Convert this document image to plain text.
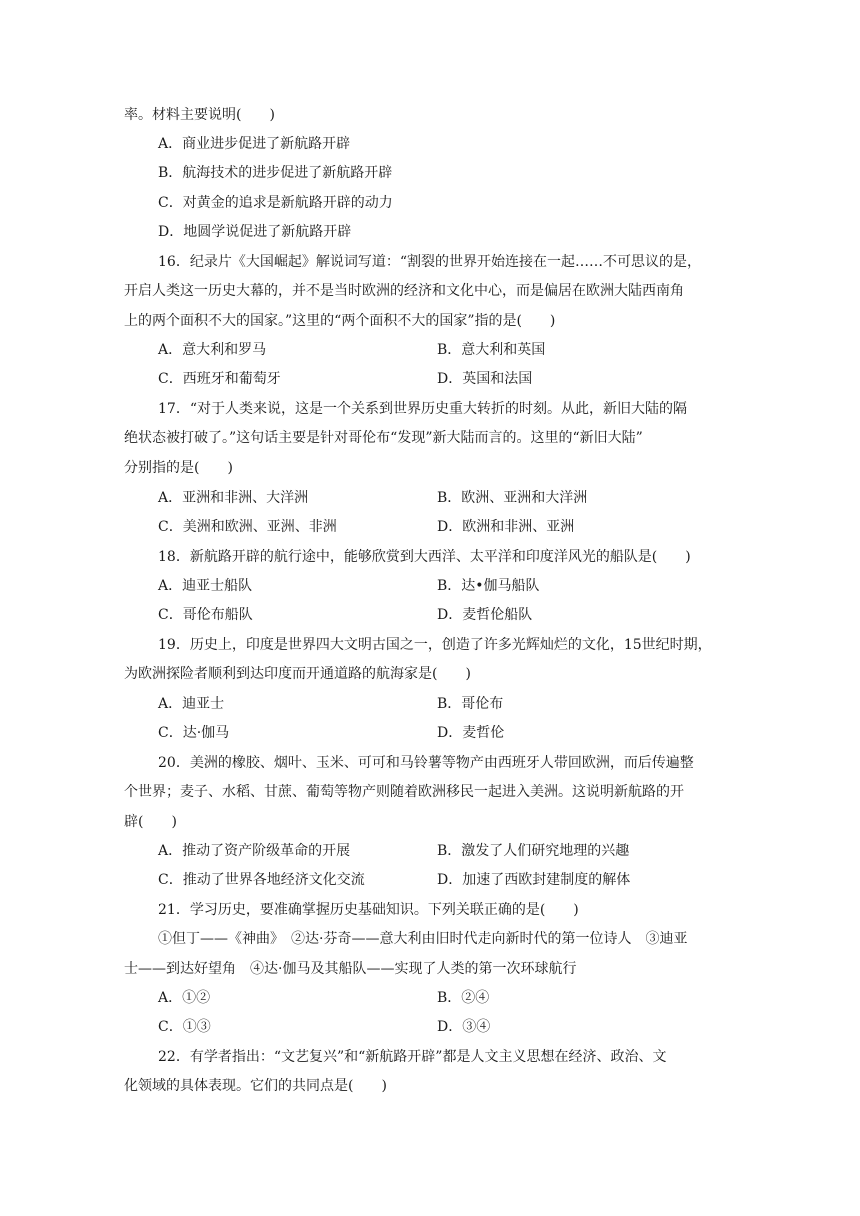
率。材料主要说明(　　)
A．商业进步促进了新航路开辟
B．航海技术的进步促进了新航路开辟
C．对黄金的追求是新航路开辟的动力
D．地圆学说促进了新航路开辟
16．纪录片《大国崛起》解说词写道：“割裂的世界开始连接在一起……不可思议的是，
开启人类这一历史大幕的，并不是当时欧洲的经济和文化中心，而是偏居在欧洲大陆西南角
上的两个面积不大的国家。”这里的“两个面积不大的国家”指的是(　　)
A．意大利和罗马	B．意大利和英国
C．西班牙和葡萄牙	D．英国和法国
17．“对于人类来说，这是一个关系到世界历史重大转折的时刻。从此，新旧大陆的隔
绝状态被打破了。”这句话主要是针对哥伦布“发现”新大陆而言的。这里的“新旧大陆”
分别指的是(　　)
A．亚洲和非洲、大洋洲	B．欧洲、亚洲和大洋洲
C．美洲和欧洲、亚洲、非洲	D．欧洲和非洲、亚洲
18．新航路开辟的航行途中，能够欣赏到大西洋、太平洋和印度洋风光的船队是(　　)
A．迪亚士船队	B．达•伽马船队
C．哥伦布船队	D．麦哲伦船队
19．历史上，印度是世界四大文明古国之一，创造了许多光辉灿烂的文化，15世纪时期，
为欧洲探险者顺利到达印度而开通道路的航海家是(　　)
A．迪亚士	B．哥伦布
C．达·伽马	D．麦哲伦
20．美洲的橡胶、烟叶、玉米、可可和马铃薯等物产由西班牙人带回欧洲，而后传遍整
个世界；麦子、水稻、甘蔗、葡萄等物产则随着欧洲移民一起进入美洲。这说明新航路的开
辟(　　)
A．推动了资产阶级革命的开展	B．激发了人们研究地理的兴趣
C．推动了世界各地经济文化交流	D．加速了西欧封建制度的解体
21．学习历史，要准确掌握历史基础知识。下列关联正确的是(　　)
①但丁——《神曲》　②达·芬奇——意大利由旧时代走向新时代的第一位诗人　③迪亚
士——到达好望角　④达·伽马及其船队——实现了人类的第一次环球航行
A．①②	B．②④
C．①③	D．③④
22．有学者指出：“文艺复兴”和“新航路开辟”都是人文主义思想在经济、政治、文
化领域的具体表现。它们的共同点是(　　)
